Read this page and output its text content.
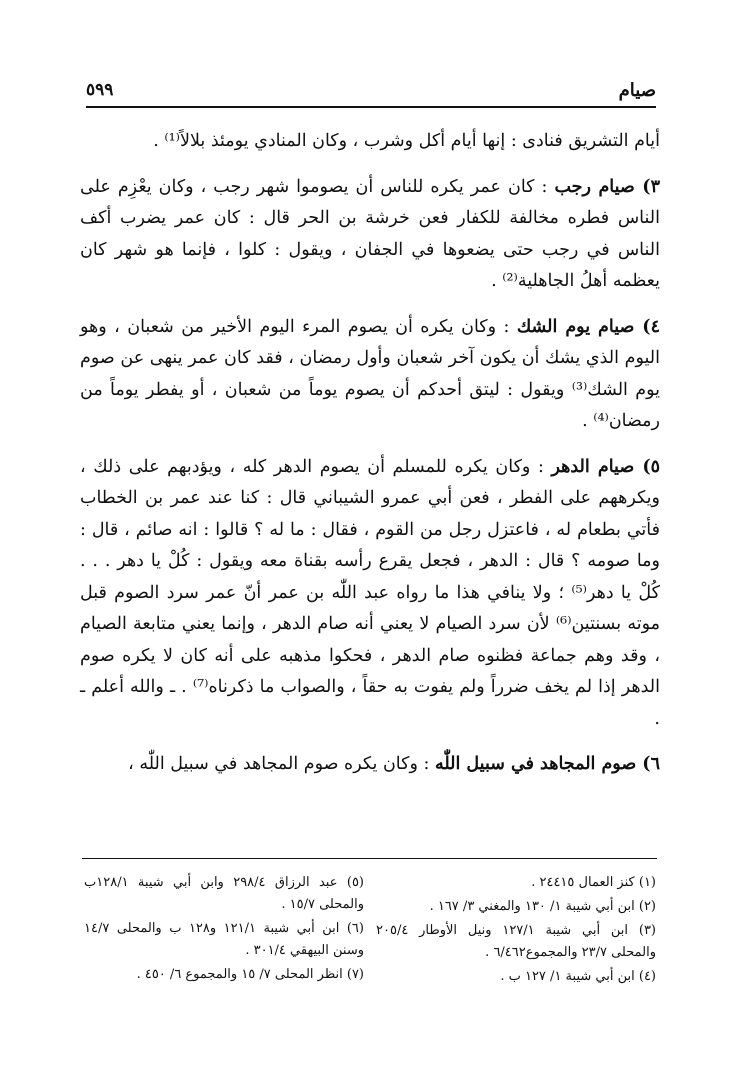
٥٩٩	صيام

أيام التشريق فنادى : إنها أيام أكل وشرب ، وكان المنادي يومئذ بلالاً⁽¹⁾ .

٣) صيام رجب : كان عمر يكره للناس أن يصوموا شهر رجب ، وكان يعْزِم على الناس فطره مخالفة للكفار فعن خرشة بن الحر قال : كان عمر يضرب أكف الناس في رجب حتى يضعوها في الجفان ، ويقول : كلوا ، فإنما هو شهر كان يعظمه أهلُ الجاهلية⁽²⁾ .

٤) صيام يوم الشك : وكان يكره أن يصوم المرء اليوم الأخير من شعبان ، وهو اليوم الذي يشك أن يكون آخر شعبان وأول رمضان ، فقد كان عمر ينهى عن صوم يوم الشك⁽³⁾ ويقول : ليتق أحدكم أن يصوم يوماً من شعبان ، أو يفطر يوماً من رمضان⁽⁴⁾ .

٥) صيام الدهر : وكان يكره للمسلم أن يصوم الدهر كله ، ويؤدبهم على ذلك ، ويكرههم على الفطر ، فعن أبي عمرو الشيباني قال : كنا عند عمر بن الخطاب فأتي بطعام له ، فاعتزل رجل من القوم ، فقال : ما له ؟ قالوا : انه صائم ، قال : وما صومه ؟ قال : الدهر ، فجعل يقرع رأسه بقناة معه ويقول : كُلْ يا دهر . . . كُلْ يا دهر⁽⁵⁾ ؛ ولا ينافي هذا ما رواه عبد اللّٰه بن عمر أنّ عمر سرد الصوم قبل موته بسنتين⁽⁶⁾ لأن سرد الصيام لا يعني أنه صام الدهر ، وإنما يعني متابعة الصيام ، وقد وهم جماعة فظنوه صام الدهر ، فحكوا مذهبه على أنه كان لا يكره صوم الدهر إذا لم يخف ضرراً ولم يفوت به حقاً ، والصواب ما ذكرناه⁽⁷⁾ . ـ والله أعلم ـ .

٦) صوم المجاهد في سبيل اللّٰه : وكان يكره صوم المجاهد في سبيل اللّٰه ،

(١) كنز العمال ٢٤٤١٥ .

(٢) ابن أبي شيبة ١/ ١٣٠ والمغني ٣/ ١٦٧ .

(٣) ابن أبي شيبة ١٢٧/١ ونيل الأوطار ٢٠٥/٤ والمحلى ٢٣/٧ والمجموع٦/٤٦٢ .

(٤) ابن أبي شيبة ١/ ١٢٧ ب .

(٥) عبد الرزاق ٢٩٨/٤ وابن أبي شيبة ١٢٨/١ب والمحلى ١٥/٧ .

(٦) ابن أبي شيبة ١٢١/١ و١٢٨ ب والمحلى ١٤/٧ وسنن البيهقي ٣٠١/٤ .

(٧) انظر المحلى ٧/ ١٥ والمجموع ٦/ ٤٥٠ .
